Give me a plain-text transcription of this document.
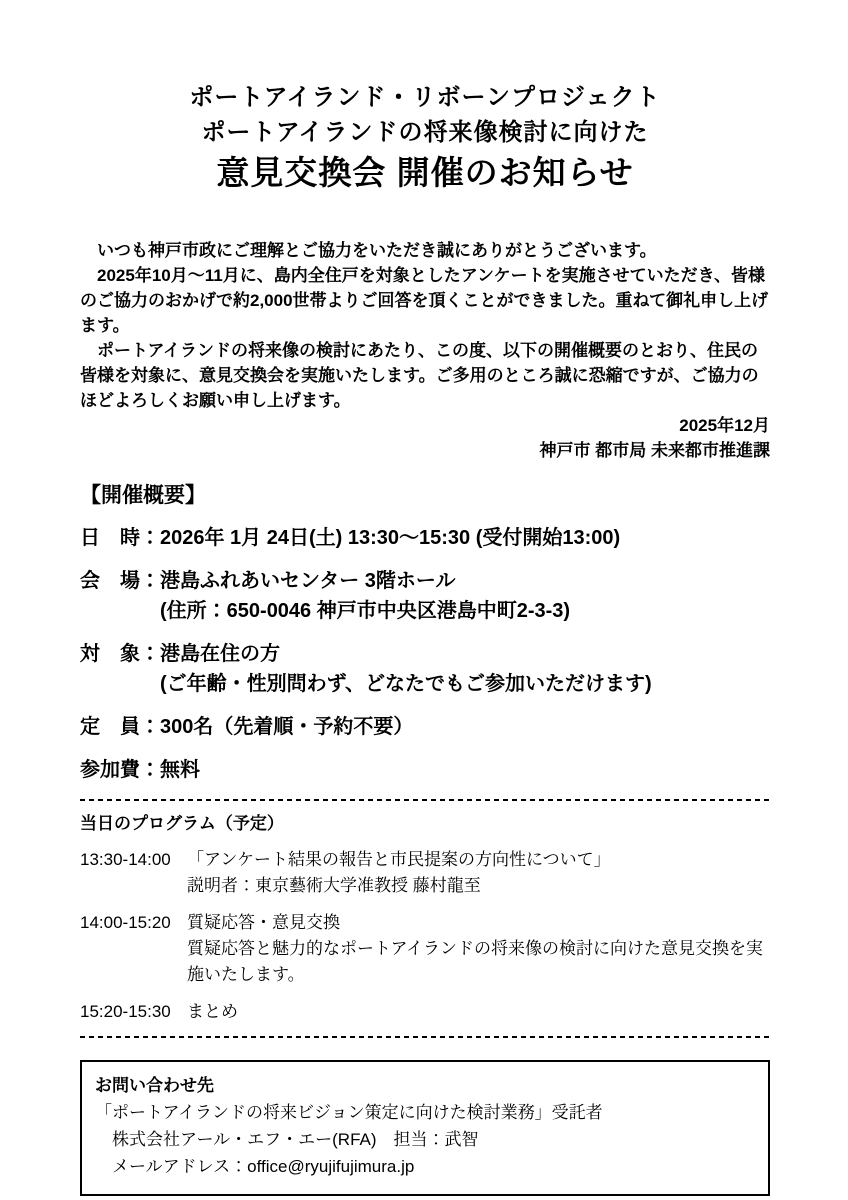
ポートアイランド・リボーンプロジェクト
ポートアイランドの将来像検討に向けた
意見交換会 開催のお知らせ

いつも神戸市政にご理解とご協力をいただき誠にありがとうございます。

2025年10月～11月に、島内全住戸を対象としたアンケートを実施させていただき、皆様のご協力のおかげで約2,000世帯よりご回答を頂くことができました。重ねて御礼申し上げます。

ポートアイランドの将来像の検討にあたり、この度、以下の開催概要のとおり、住民の皆様を対象に、意見交換会を実施いたします。ご多用のところ誠に恐縮ですが、ご協力のほどよろしくお願い申し上げます。

2025年12月
神戸市 都市局 未来都市推進課
【開催概要】
日　時： 2026年 1月 24日(土) 13:30～15:30 (受付開始13:00)
会　場： 港島ふれあいセンター 3階ホール
(住所：650-0046 神戸市中央区港島中町2-3-3)
対　象： 港島在住の方
(ご年齢・性別問わず、どなたでもご参加いただけます)
定　員： 300名（先着順・予約不要）
参加費： 無料
当日のプログラム（予定）
13:30-14:00 「アンケート結果の報告と市民提案の方向性について」
説明者：東京藝術大学准教授 藤村龍至
14:00-15:20 質疑応答・意見交換
質疑応答と魅力的なポートアイランドの将来像の検討に向けた意見交換を実施いたします。
15:20-15:30 まとめ
お問い合わせ先
「ポートアイランドの将来ビジョン策定に向けた検討業務」受託者
株式会社アール・エフ・エー(RFA)　担当：武智
メールアドレス：office@ryujifujimura.jp
